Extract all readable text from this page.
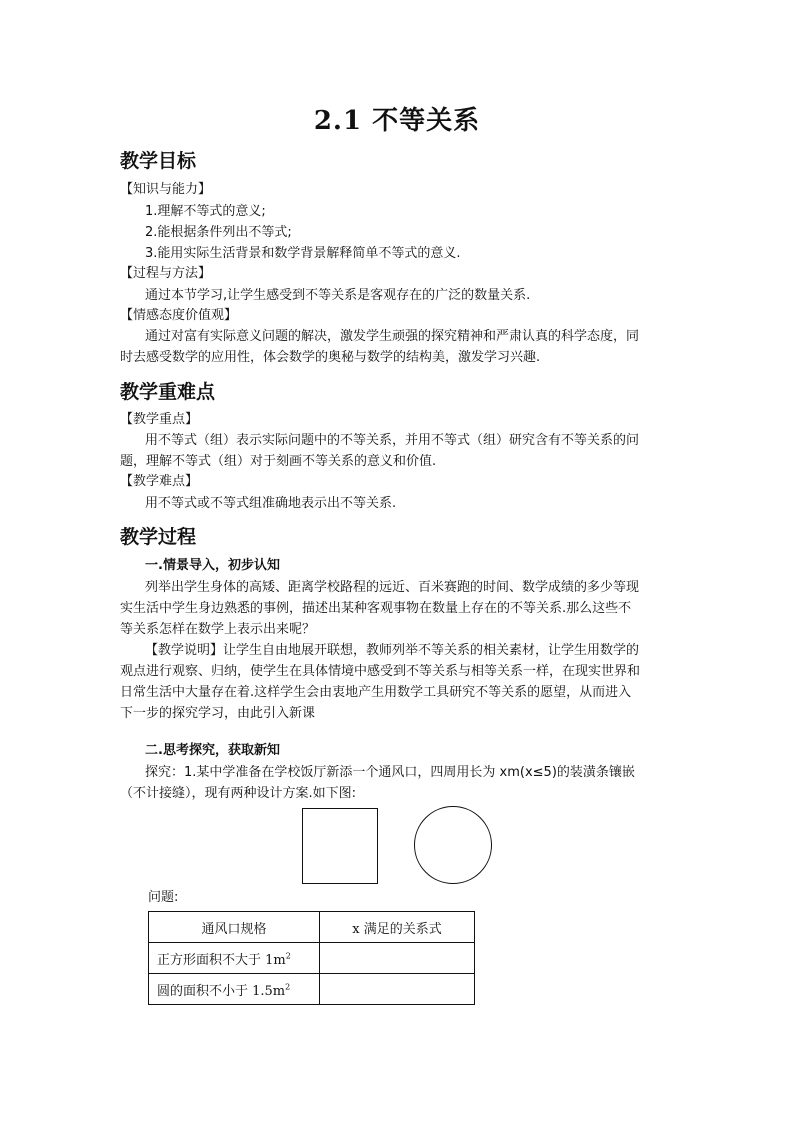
2.1 不等关系
教学目标
【知识与能力】
1.理解不等式的意义;
2.能根据条件列出不等式;
3.能用实际生活背景和数学背景解释简单不等式的意义.
【过程与方法】
通过本节学习,让学生感受到不等关系是客观存在的广泛的数量关系.
【情感态度价值观】
通过对富有实际意义问题的解决，激发学生顽强的探究精神和严肃认真的科学态度，同
时去感受数学的应用性，体会数学的奥秘与数学的结构美，激发学习兴趣.
教学重难点
【教学重点】
用不等式（组）表示实际问题中的不等关系，并用不等式（组）研究含有不等关系的问
题，理解不等式（组）对于刻画不等关系的意义和价值.
【教学难点】
用不等式或不等式组准确地表示出不等关系.
教学过程
一.情景导入，初步认知
列举出学生身体的高矮、距离学校路程的远近、百米赛跑的时间、数学成绩的多少等现
实生活中学生身边熟悉的事例，描述出某种客观事物在数量上存在的不等关系.那么这些不
等关系怎样在数学上表示出来呢？
【教学说明】让学生自由地展开联想，教师列举不等关系的相关素材，让学生用数学的
观点进行观察、归纳，使学生在具体情境中感受到不等关系与相等关系一样，在现实世界和
日常生活中大量存在着.这样学生会由衷地产生用数学工具研究不等关系的愿望，从而进入
下一步的探究学习，由此引入新课
二.思考探究，获取新知
探究：1.某中学准备在学校饭厅新添一个通风口，四周用长为 xm(x≤5)的装潢条镶嵌
（不计接缝），现有两种设计方案.如下图:
问题:
通风口规格	x 满足的关系式
正方形面积不大于 $1m^2$	
圆的面积不小于 $1.5m^2$	
